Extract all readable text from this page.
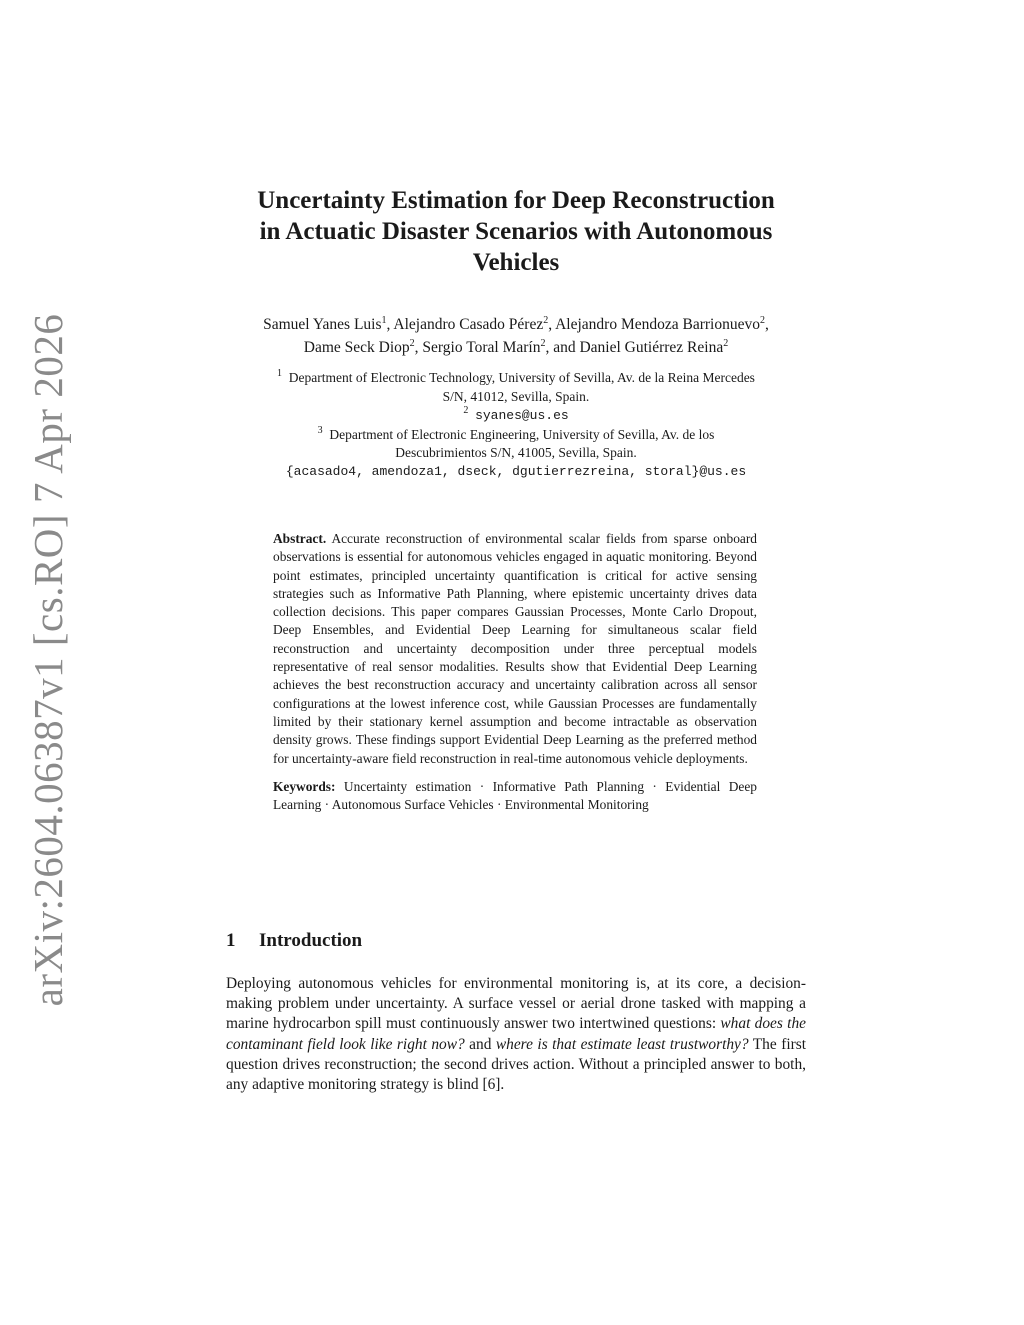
arXiv:2604.06387v1 [cs.RO] 7 Apr 2026
Uncertainty Estimation for Deep Reconstruction
in Actuatic Disaster Scenarios with Autonomous
Vehicles
Samuel Yanes Luis$^1$, Alejandro Casado Pérez$^2$, Alejandro Mendoza Barrionuevo$^2$,
Dame Seck Diop$^2$, Sergio Toral Marín$^2$, and Daniel Gutiérrez Reina$^2$
$^1$ Department of Electronic Technology, University of Sevilla, Av. de la Reina Mercedes
S/N, 41012, Sevilla, Spain.
$^2$ syanes@us.es
$^3$ Department of Electronic Engineering, University of Sevilla, Av. de los
Descubrimientos S/N, 41005, Sevilla, Spain.
{acasado4, amendoza1, dseck, dgutierrezreina, storal}@us.es

Abstract. Accurate reconstruction of environmental scalar fields from sparse onboard observations is essential for autonomous vehicles engaged in aquatic monitoring. Beyond point estimates, principled uncertainty quantification is critical for active sensing strategies such as Informative Path Planning, where epistemic uncertainty drives data collection decisions. This paper compares Gaussian Processes, Monte Carlo Dropout, Deep Ensembles, and Evidential Deep Learning for simultaneous scalar field reconstruction and uncertainty decomposition under three perceptual models representative of real sensor modalities. Results show that Evidential Deep Learning achieves the best reconstruction accuracy and uncertainty calibration across all sensor configurations at the lowest inference cost, while Gaussian Processes are fundamentally limited by their stationary kernel assumption and become intractable as observation density grows. These findings support Evidential Deep Learning as the preferred method for uncertainty-aware field reconstruction in real-time autonomous vehicle deployments.

Keywords: Uncertainty estimation · Informative Path Planning · Evidential Deep Learning · Autonomous Surface Vehicles · Environmental Monitoring

1 Introduction

Deploying autonomous vehicles for environmental monitoring is, at its core, a decision-making problem under uncertainty. A surface vessel or aerial drone tasked with mapping a marine hydrocarbon spill must continuously answer two intertwined questions: what does the contaminant field look like right now? and where is that estimate least trustworthy? The first question drives reconstruction; the second drives action. Without a principled answer to both, any adaptive monitoring strategy is blind [6].
